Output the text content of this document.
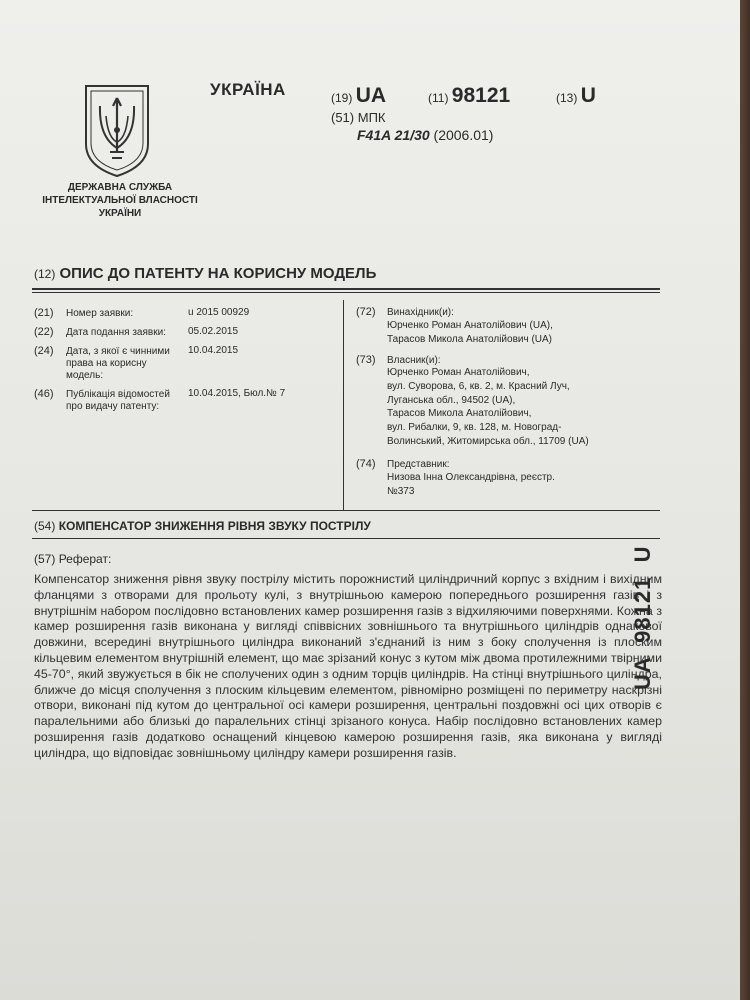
ДЕРЖАВНА СЛУЖБА ІНТЕЛЕКТУАЛЬНОЇ ВЛАСНОСТІ УКРАЇНИ
УКРАЇНА	(19) UA	(11) 98121	(13) U
(51) МПК
F41A 21/30 (2006.01)
(12) ОПИС ДО ПАТЕНТУ НА КОРИСНУ МОДЕЛЬ
(21) Номер заявки:	u 2015 00929
(22) Дата подання заявки:	05.02.2015
(24) Дата, з якої є чинними права на корисну модель:
10.04.2015
(46) Публікація відомостей про видачу патенту:
10.04.2015, Бюл.№ 7
(72) Винахідник(и):
Юрченко Роман Анатолійович (UA),
Тарасов Микола Анатолійович (UA)
(73) Власник(и):
Юрченко Роман Анатолійович,
вул. Суворова, 6, кв. 2, м. Красний Луч,
Луганська обл., 94502 (UA),
Тарасов Микола Анатолійович,
вул. Рибалки, 9, кв. 128, м. Новоград-
Волинський, Житомирська обл., 11709 (UA)
(74) Представник:
Низова Інна Олександрівна, реєстр.
№373
(54) КОМПЕНСАТОР ЗНИЖЕННЯ РІВНЯ ЗВУКУ ПОСТРІЛУ
(57) Реферат:
Компенсатор зниження рівня звуку пострілу містить порожнистий циліндричний корпус з вхідним і вихідним фланцями з отворами для прольоту кулі, з внутрішньою камерою попереднього розширення газів і з внутрішнім набором послідовно встановлених камер розширення газів з відхиляючими поверхнями. Кожна з камер розширення газів виконана у вигляді співвісних зовнішнього та внутрішнього циліндрів однакової довжини, всередині внутрішнього циліндра виконаний з'єднаний із ним з боку сполучення із плоским кільцевим елементом внутрішній елемент, що має зрізаний конус з кутом між двома протилежними твірними 45-70°, який звужується в бік не сполучених один з одним торців циліндрів. На стінці внутрішнього циліндра, ближче до місця сполучення з плоским кільцевим елементом, рівномірно розміщені по периметру наскрізні отвори, виконані під кутом до центральної осі камери розширення, центральні поздовжні осі цих отворів є паралельними або близькі до паралельних стінці зрізаного конуса. Набір послідовно встановлених камер розширення газів додатково оснащений кінцевою камерою розширення газів, яка виконана у вигляді циліндра, що відповідає зовнішньому циліндру камери розширення газів.
UA  98121  U
